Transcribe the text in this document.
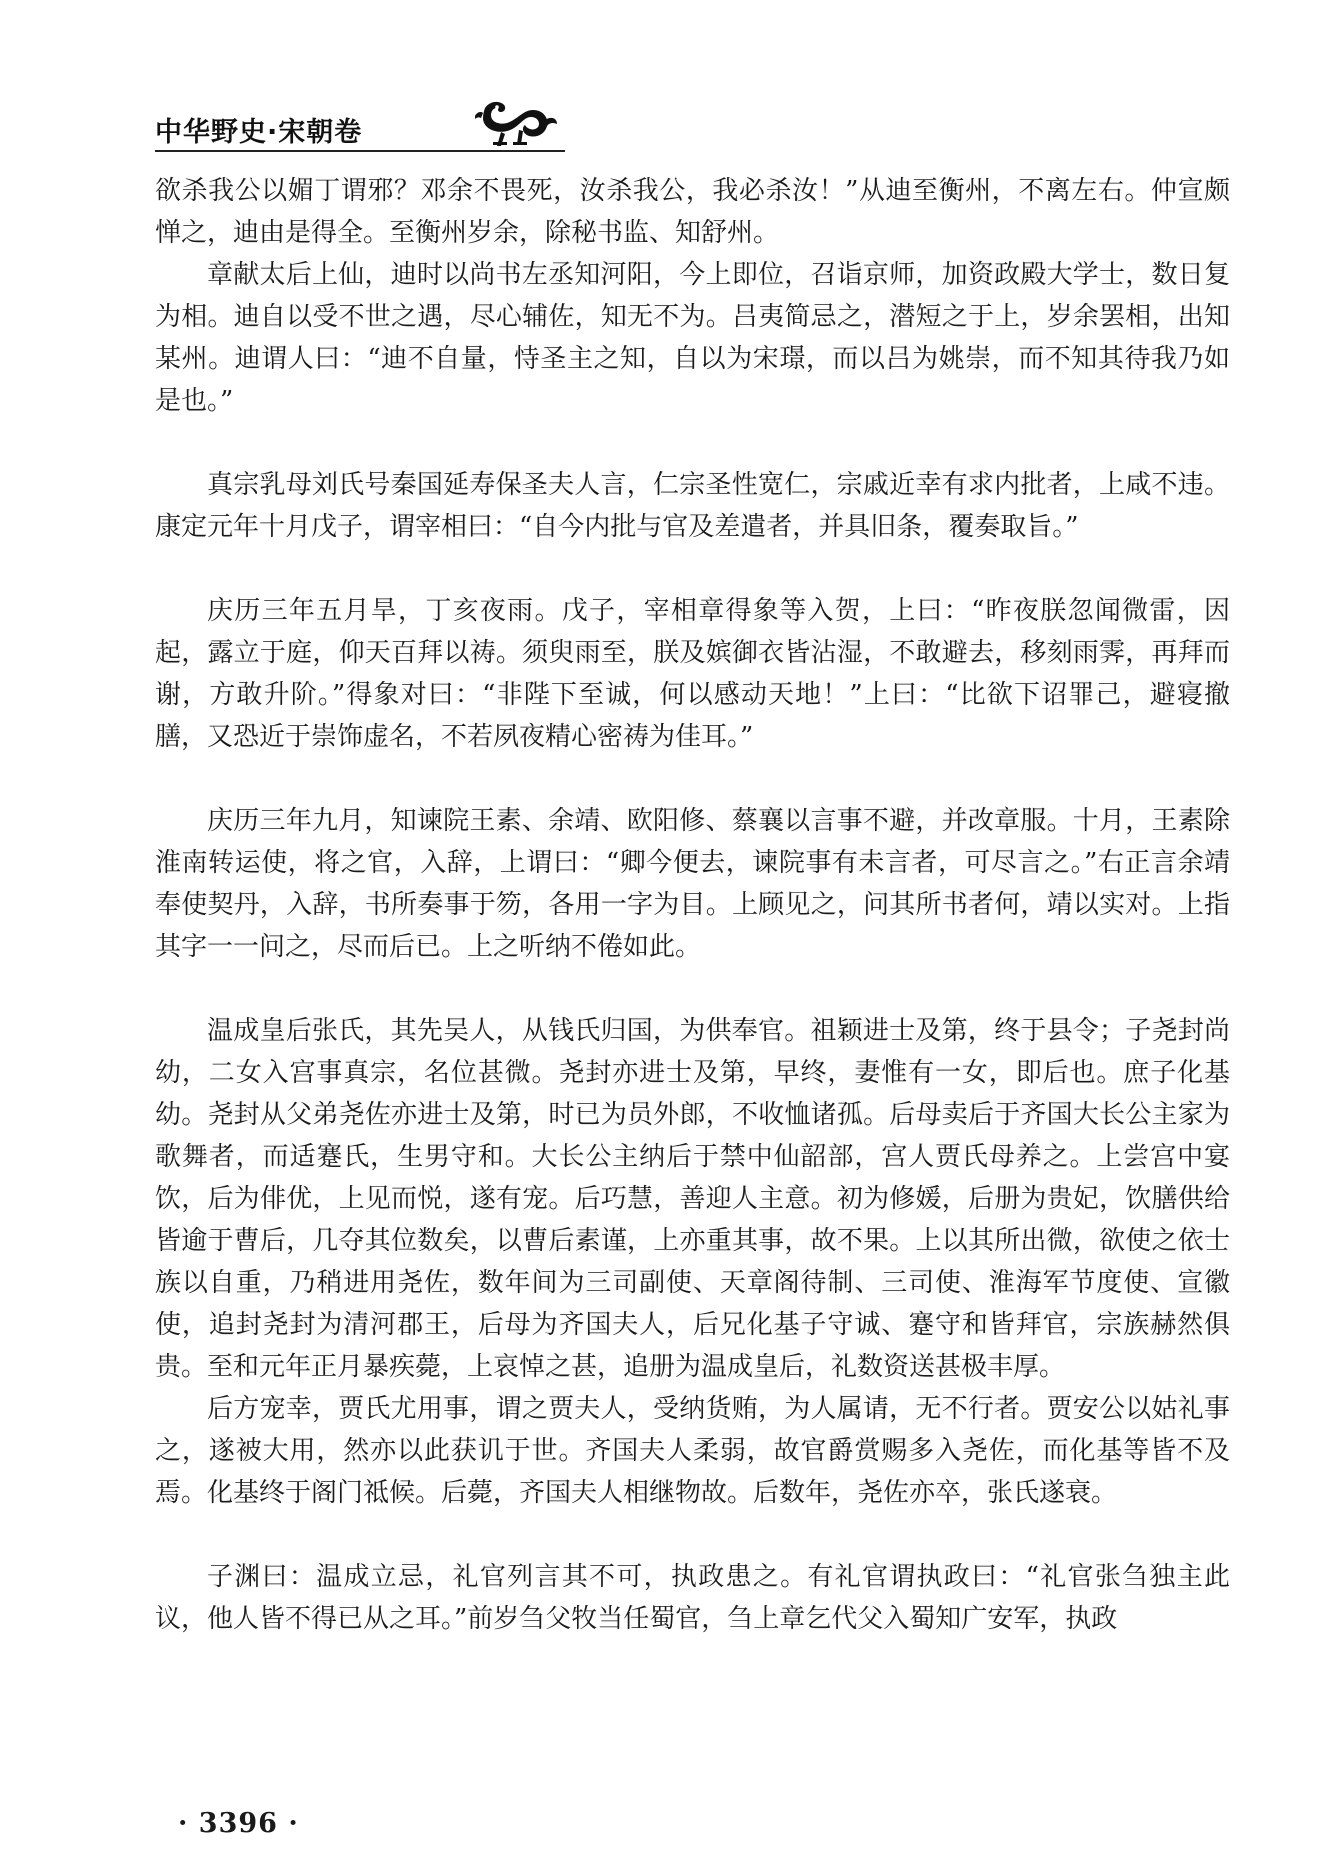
中华野史·宋朝卷

欲杀我公以媚丁谓邪？邓余不畏死，汝杀我公，我必杀汝！”从迪至衡州，不离左右。仲宣颇惮之，迪由是得全。至衡州岁余，除秘书监、知舒州。

章献太后上仙，迪时以尚书左丞知河阳，今上即位，召诣京师，加资政殿大学士，数日复为相。迪自以受不世之遇，尽心辅佐，知无不为。吕夷简忌之，潜短之于上，岁余罢相，出知某州。迪谓人曰：“迪不自量，恃圣主之知，自以为宋璟，而以吕为姚崇，而不知其待我乃如是也。”

真宗乳母刘氏号秦国延寿保圣夫人言，仁宗圣性宽仁，宗戚近幸有求内批者，上咸不违。康定元年十月戊子，谓宰相曰：“自今内批与官及差遣者，并具旧条，覆奏取旨。”

庆历三年五月旱，丁亥夜雨。戊子，宰相章得象等入贺，上曰：“昨夜朕忽闻微雷，因起，露立于庭，仰天百拜以祷。须臾雨至，朕及嫔御衣皆沾湿，不敢避去，移刻雨霁，再拜而谢，方敢升阶。”得象对曰：“非陛下至诚，何以感动天地！”上曰：“比欲下诏罪己，避寝撤膳，又恐近于崇饰虚名，不若夙夜精心密祷为佳耳。”

庆历三年九月，知谏院王素、余靖、欧阳修、蔡襄以言事不避，并改章服。十月，王素除淮南转运使，将之官，入辞，上谓曰：“卿今便去，谏院事有未言者，可尽言之。”右正言余靖奉使契丹，入辞，书所奏事于笏，各用一字为目。上顾见之，问其所书者何，靖以实对。上指其字一一问之，尽而后已。上之听纳不倦如此。

温成皇后张氏，其先吴人，从钱氏归国，为供奉官。祖颖进士及第，终于县令；子尧封尚幼，二女入宫事真宗，名位甚微。尧封亦进士及第，早终，妻惟有一女，即后也。庶子化基幼。尧封从父弟尧佐亦进士及第，时已为员外郎，不收恤诸孤。后母卖后于齐国大长公主家为歌舞者，而适蹇氏，生男守和。大长公主纳后于禁中仙韶部，宫人贾氏母养之。上尝宫中宴饮，后为俳优，上见而悦，遂有宠。后巧慧，善迎人主意。初为修媛，后册为贵妃，饮膳供给皆逾于曹后，几夺其位数矣，以曹后素谨，上亦重其事，故不果。上以其所出微，欲使之依士族以自重，乃稍进用尧佐，数年间为三司副使、天章阁待制、三司使、淮海军节度使、宣徽使，追封尧封为清河郡王，后母为齐国夫人，后兄化基子守诚、蹇守和皆拜官，宗族赫然俱贵。至和元年正月暴疾薨，上哀悼之甚，追册为温成皇后，礼数资送甚极丰厚。

后方宠幸，贾氏尤用事，谓之贾夫人，受纳货贿，为人属请，无不行者。贾安公以姑礼事之，遂被大用，然亦以此获讥于世。齐国夫人柔弱，故官爵赏赐多入尧佐，而化基等皆不及焉。化基终于阁门祗候。后薨，齐国夫人相继物故。后数年，尧佐亦卒，张氏遂衰。

子渊曰：温成立忌，礼官列言其不可，执政患之。有礼官谓执政曰：“礼官张刍独主此议，他人皆不得已从之耳。”前岁刍父牧当任蜀官，刍上章乞代父入蜀知广安军，执政

· 3396 ·
